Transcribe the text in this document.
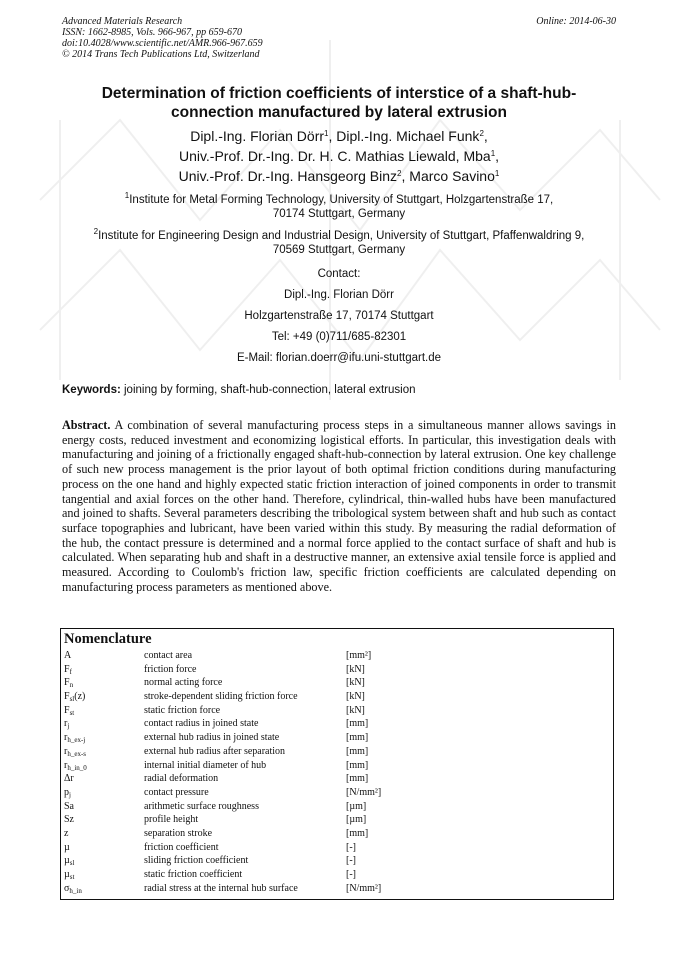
Advanced Materials Research
ISSN: 1662-8985, Vols. 966-967, pp 659-670
doi:10.4028/www.scientific.net/AMR.966-967.659
© 2014 Trans Tech Publications Ltd, Switzerland
Online: 2014-06-30
Determination of friction coefficients of interstice of a shaft-hub-
connection manufactured by lateral extrusion
Dipl.-Ing. Florian Dörr$^1$, Dipl.-Ing. Michael Funk$^2$,
Univ.-Prof. Dr.-Ing. Dr. H. C. Mathias Liewald, Mba$^1$,
Univ.-Prof. Dr.-Ing. Hansgeorg Binz$^2$, Marco Savino$^1$
$^1$Institute for Metal Forming Technology, University of Stuttgart, Holzgartenstraße 17,
70174 Stuttgart, Germany
$^2$Institute for Engineering Design and Industrial Design, University of Stuttgart, Pfaffenwaldring 9,
70569 Stuttgart, Germany
Contact:
Dipl.-Ing. Florian Dörr
Holzgartenstraße 17, 70174 Stuttgart
Tel: +49 (0)711/685-82301
E-Mail: florian.doerr@ifu.uni-stuttgart.de
Keywords: joining by forming, shaft-hub-connection, lateral extrusion
Abstract. A combination of several manufacturing process steps in a simultaneous manner allows savings in energy costs, reduced investment and economizing logistical efforts. In particular, this investigation deals with manufacturing and joining of a frictionally engaged shaft-hub-connection by lateral extrusion. One key challenge of such new process management is the prior layout of both optimal friction conditions during manufacturing process on the one hand and highly expected static friction interaction of joined components in order to transmit tangential and axial forces on the other hand. Therefore, cylindrical, thin-walled hubs have been manufactured and joined to shafts. Several parameters describing the tribological system between shaft and hub such as contact surface topographies and lubricant, have been varied within this study. By measuring the radial deformation of the hub, the contact pressure is determined and a normal force applied to the contact surface of shaft and hub is calculated. When separating hub and shaft in a destructive manner, an extensive axial tensile force is applied and measured. According to Coulomb's friction law, specific friction coefficients are calculated depending on manufacturing process parameters as mentioned above.
Nomenclature
A	contact area	[mm²]
$F_f$	friction force	[kN]
$F_n$	normal acting force	[kN]
$F_{sl}(z)$	stroke-dependent sliding friction force	[kN]
$F_{st}$	static friction force	[kN]
$r_j$	contact radius in joined state	[mm]
$r_{h\_ex-j}$	external hub radius in joined state	[mm]
$r_{h\_ex-s}$	external hub radius after separation	[mm]
$r_{h\_in\_0}$	internal initial diameter of hub	[mm]
Δr	radial deformation	[mm]
$p_j$	contact pressure	[N/mm²]
Sa	arithmetic surface roughness	[µm]
Sz	profile height	[µm]
z	separation stroke	[mm]
µ	friction coefficient	[-]
µ$_{sl}$	sliding friction coefficient	[-]
µ$_{st}$	static friction coefficient	[-]
$\sigma_{h\_in}$	radial stress at the internal hub surface	[N/mm²]
